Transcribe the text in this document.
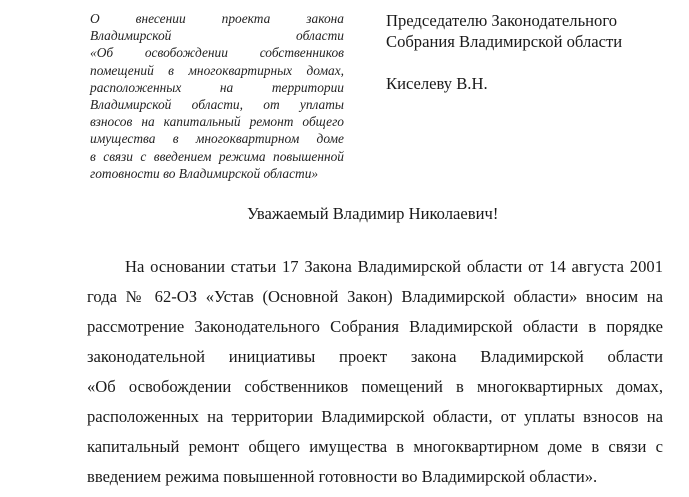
О внесении проекта закона
Владимирской области
«Об освобождении собственников
помещений в многоквартирных домах,
расположенных на территории
Владимирской области, от уплаты
взносов на капитальный ремонт общего
имущества в многоквартирном доме
в связи с введением режима повышенной
готовности во Владимирской области»
Председателю Законодательного
Собрания Владимирской области
Киселеву В.Н.
Уважаемый Владимир Николаевич!
На основании статьи 17 Закона Владимирской области от 14 августа 2001
года № 62-ОЗ «Устав (Основной Закон) Владимирской области» вносим на
рассмотрение Законодательного Собрания Владимирской области в порядке
законодательной инициативы проект закона Владимирской области
«Об освобождении собственников помещений в многоквартирных домах,
расположенных на территории Владимирской области, от уплаты взносов на
капитальный ремонт общего имущества в многоквартирном доме в связи с
введением режима повышенной готовности во Владимирской области».
